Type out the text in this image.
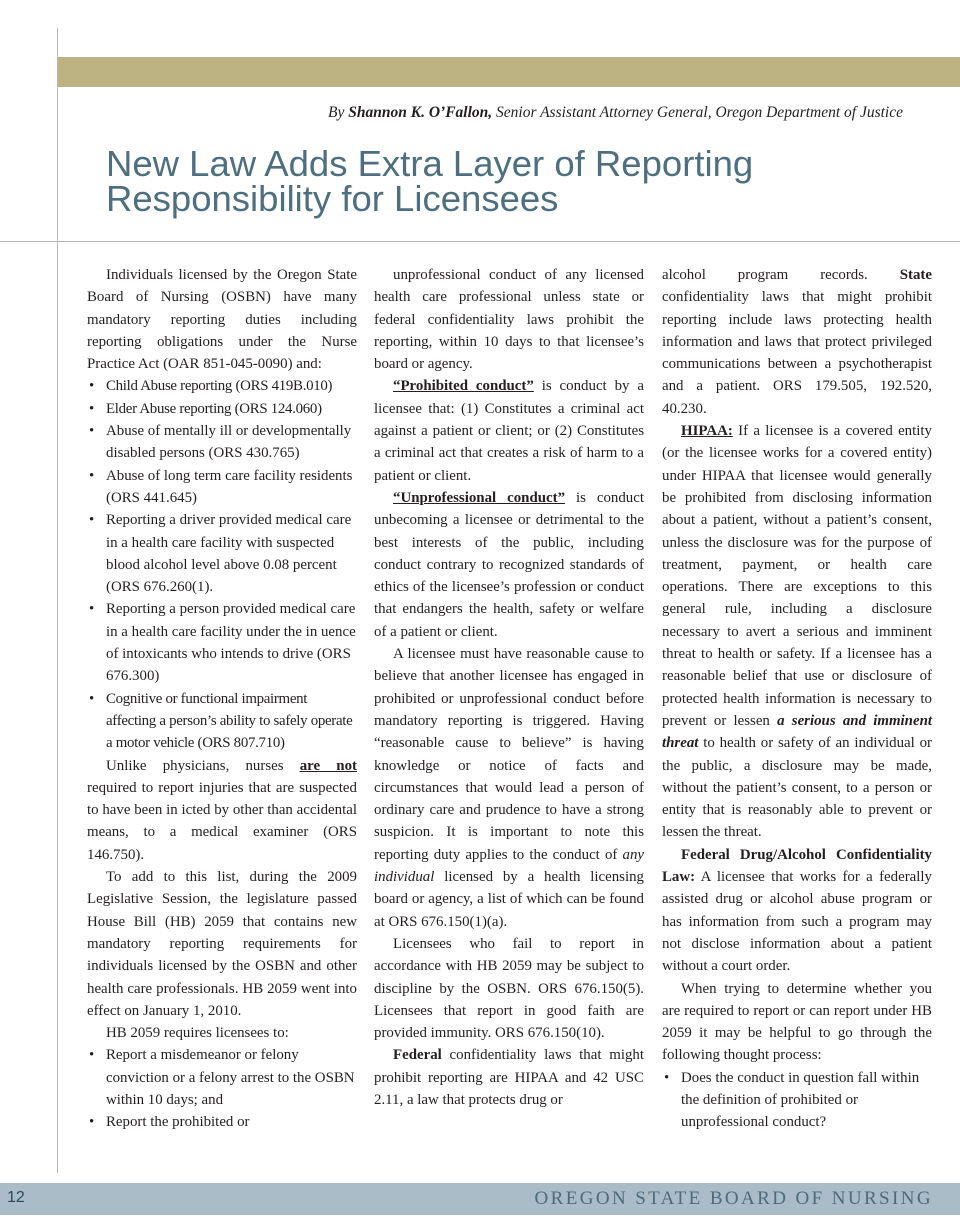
By Shannon K. O’Fallon, Senior Assistant Attorney General, Oregon Department of Justice

New Law Adds Extra Layer of Reporting
Responsibility for Licensees

Individuals licensed by the Oregon State Board of Nursing (OSBN) have many mandatory reporting duties including reporting obligations under the Nurse Practice Act (OAR 851-045-0090) and:

• Child Abuse reporting (ORS 419B.010)
• Elder Abuse reporting (ORS 124.060)
• Abuse of mentally ill or developmentally disabled persons (ORS 430.765)
• Abuse of long term care facility residents (ORS 441.645)
• Reporting a driver provided medical care in a health care facility with suspected blood alcohol level above 0.08 percent (ORS 676.260(1).
• Reporting a person provided medical care in a health care facility under the in uence of intoxicants who intends to drive (ORS 676.300)
• Cognitive or functional impairment affecting a person’s ability to safely operate a motor vehicle (ORS 807.710)

Unlike physicians, nurses are not required to report injuries that are suspected to have been in icted by other than accidental means, to a medical examiner (ORS 146.750).

To add to this list, during the 2009 Legislative Session, the legislature passed House Bill (HB) 2059 that contains new mandatory reporting requirements for individuals licensed by the OSBN and other health care professionals. HB 2059 went into effect on January 1, 2010.

HB 2059 requires licensees to:

• Report a misdemeanor or felony conviction or a felony arrest to the OSBN within 10 days; and
• Report the prohibited or

unprofessional conduct of any licensed health care professional unless state or federal confidentiality laws prohibit the reporting, within 10 days to that licensee’s board or agency.

“Prohibited conduct” is conduct by a licensee that: (1) Constitutes a criminal act against a patient or client; or (2) Constitutes a criminal act that creates a risk of harm to a patient or client.

“Unprofessional conduct” is conduct unbecoming a licensee or detrimental to the best interests of the public, including conduct contrary to recognized standards of ethics of the licensee’s profession or conduct that endangers the health, safety or welfare of a patient or client.

A licensee must have reasonable cause to believe that another licensee has engaged in prohibited or unprofessional conduct before mandatory reporting is triggered. Having “reasonable cause to believe” is having knowledge or notice of facts and circumstances that would lead a person of ordinary care and prudence to have a strong suspicion. It is important to note this reporting duty applies to the conduct of any individual licensed by a health licensing board or agency, a list of which can be found at ORS 676.150(1)(a).

Licensees who fail to report in accordance with HB 2059 may be subject to discipline by the OSBN. ORS 676.150(5). Licensees that report in good faith are provided immunity. ORS 676.150(10).

Federal confidentiality laws that might prohibit reporting are HIPAA and 42 USC 2.11, a law that protects drug or

alcohol program records. State confidentiality laws that might prohibit reporting include laws protecting health information and laws that protect privileged communications between a psychotherapist and a patient. ORS 179.505, 192.520, 40.230.

HIPAA: If a licensee is a covered entity (or the licensee works for a covered entity) under HIPAA that licensee would generally be prohibited from disclosing information about a patient, without a patient’s consent, unless the disclosure was for the purpose of treatment, payment, or health care operations. There are exceptions to this general rule, including a disclosure necessary to avert a serious and imminent threat to health or safety. If a licensee has a reasonable belief that use or disclosure of protected health information is necessary to prevent or lessen a serious and imminent threat to health or safety of an individual or the public, a disclosure may be made, without the patient’s consent, to a person or entity that is reasonably able to prevent or lessen the threat.

Federal Drug/Alcohol Confidentiality Law: A licensee that works for a federally assisted drug or alcohol abuse program or has information from such a program may not disclose information about a patient without a court order.

When trying to determine whether you are required to report or can report under HB 2059 it may be helpful to go through the following thought process:

• Does the conduct in question fall within the definition of prohibited or unprofessional conduct?
12	OREGON STATE BOARD OF NURSING
